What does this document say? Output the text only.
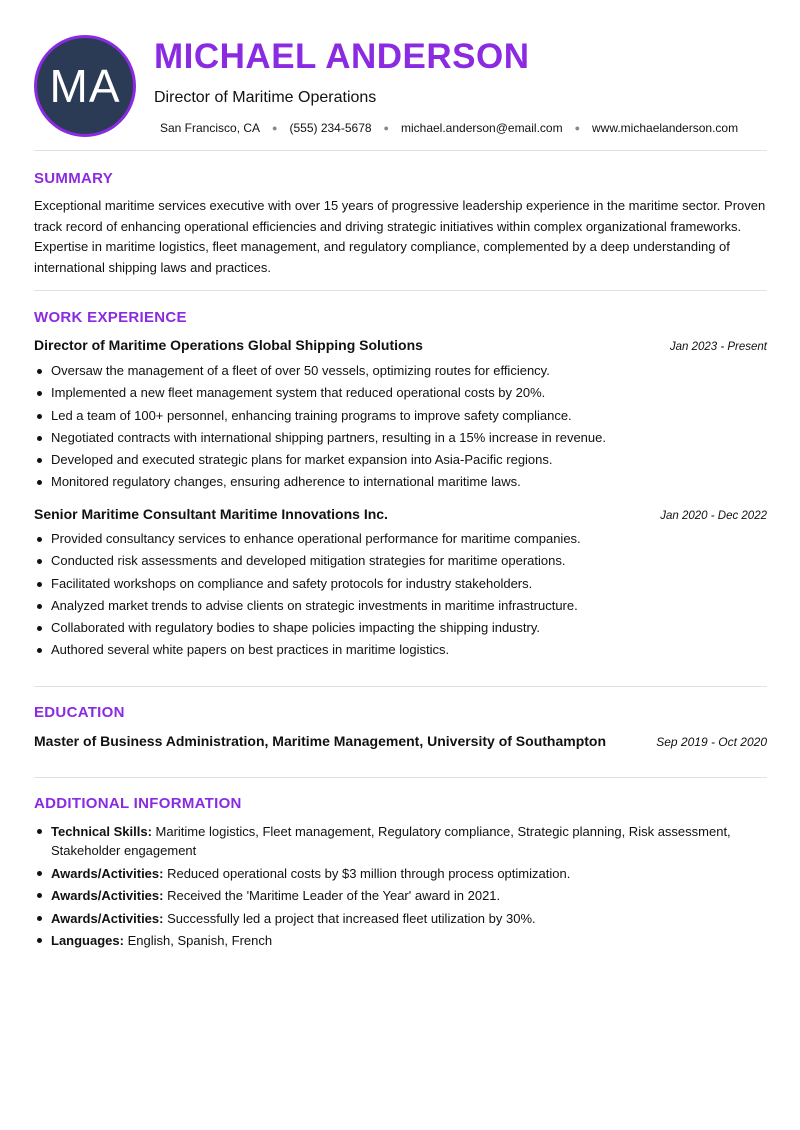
MA
MICHAEL ANDERSON
Director of Maritime Operations
San Francisco, CA ● (555) 234-5678 ● michael.anderson@email.com ● www.michaelanderson.com
SUMMARY
Exceptional maritime services executive with over 15 years of progressive leadership experience in the maritime sector. Proven track record of enhancing operational efficiencies and driving strategic initiatives within complex organizational frameworks. Expertise in maritime logistics, fleet management, and regulatory compliance, complemented by a deep understanding of international shipping laws and practices.
WORK EXPERIENCE
Director of Maritime Operations Global Shipping Solutions	Jan 2023 - Present
Oversaw the management of a fleet of over 50 vessels, optimizing routes for efficiency.
Implemented a new fleet management system that reduced operational costs by 20%.
Led a team of 100+ personnel, enhancing training programs to improve safety compliance.
Negotiated contracts with international shipping partners, resulting in a 15% increase in revenue.
Developed and executed strategic plans for market expansion into Asia-Pacific regions.
Monitored regulatory changes, ensuring adherence to international maritime laws.
Senior Maritime Consultant Maritime Innovations Inc.	Jan 2020 - Dec 2022
Provided consultancy services to enhance operational performance for maritime companies.
Conducted risk assessments and developed mitigation strategies for maritime operations.
Facilitated workshops on compliance and safety protocols for industry stakeholders.
Analyzed market trends to advise clients on strategic investments in maritime infrastructure.
Collaborated with regulatory bodies to shape policies impacting the shipping industry.
Authored several white papers on best practices in maritime logistics.
EDUCATION
Master of Business Administration, Maritime Management, University of Southampton	Sep 2019 - Oct 2020
ADDITIONAL INFORMATION
Technical Skills: Maritime logistics, Fleet management, Regulatory compliance, Strategic planning, Risk assessment, Stakeholder engagement
Awards/Activities: Reduced operational costs by $3 million through process optimization.
Awards/Activities: Received the 'Maritime Leader of the Year' award in 2021.
Awards/Activities: Successfully led a project that increased fleet utilization by 30%.
Languages: English, Spanish, French
